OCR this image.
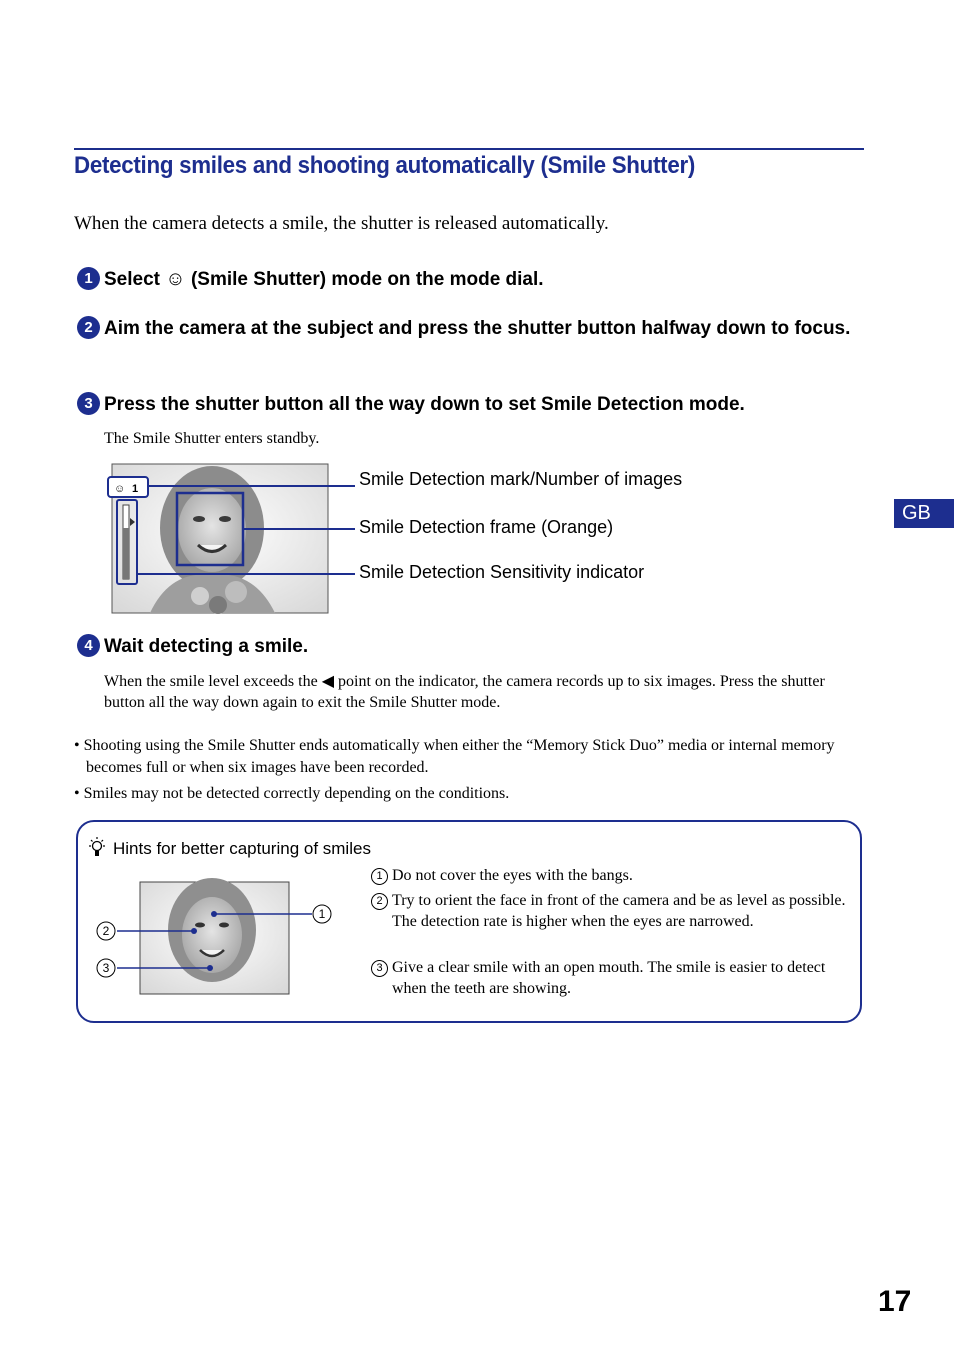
Detecting smiles and shooting automatically (Smile Shutter)
When the camera detects a smile, the shutter is released automatically.
1 Select ☺ (Smile Shutter) mode on the mode dial.
2 Aim the camera at the subject and press the shutter button halfway down to focus.
3 Press the shutter button all the way down to set Smile Detection mode.
The Smile Shutter enters standby.
☺ 1
1
2
3
Smile Detection mark/Number of images
Smile Detection frame (Orange)
Smile Detection Sensitivity indicator
GB
4 Wait detecting a smile.
When the smile level exceeds the ◀ point on the indicator, the camera records up to six images. Press the shutter button all the way down again to exit the Smile Shutter mode.
• Shooting using the Smile Shutter ends automatically when either the “Memory Stick Duo” media or internal memory becomes full or when six images have been recorded.
• Smiles may not be detected correctly depending on the conditions.
Hints for better capturing of smiles
1 Do not cover the eyes with the bangs.
2 Try to orient the face in front of the camera and be as level as possible. The detection rate is higher when the eyes are narrowed.
3 Give a clear smile with an open mouth. The smile is easier to detect when the teeth are showing.
17
